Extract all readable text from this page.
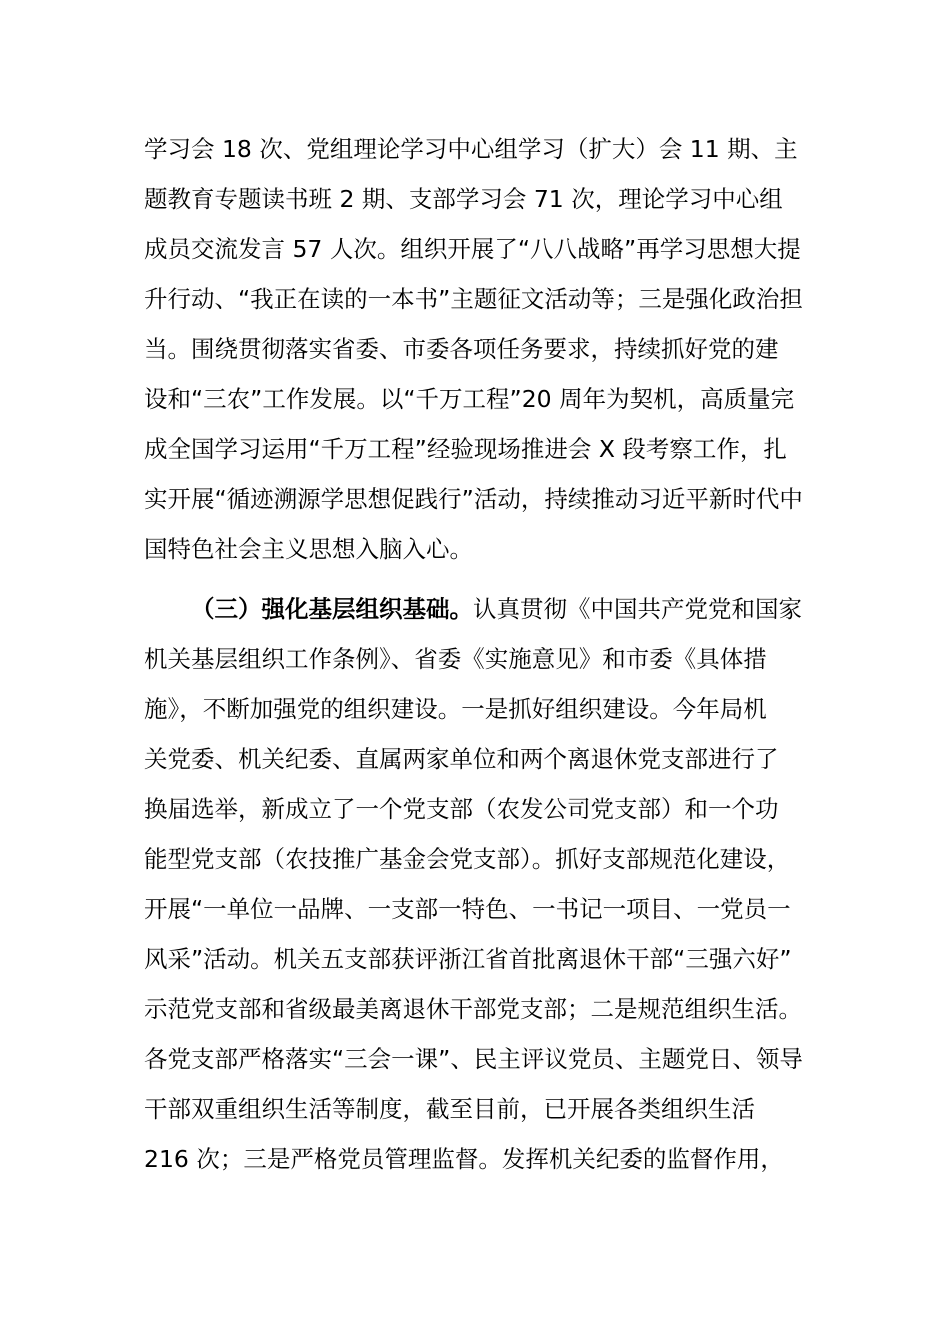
学习会 18 次、党组理论学习中心组学习（扩大）会 11 期、主
题教育专题读书班 2 期、支部学习会 71 次，理论学习中心组
成员交流发言 57 人次。组织开展了“八八战略”再学习思想大提
升行动、“我正在读的一本书”主题征文活动等；三是强化政治担
当。围绕贯彻落实省委、市委各项任务要求，持续抓好党的建
设和“三农”工作发展。以“千万工程”20 周年为契机，高质量完
成全国学习运用“千万工程”经验现场推进会 X 段考察工作，扎
实开展“循迹溯源学思想促践行”活动，持续推动习近平新时代中
国特色社会主义思想入脑入心。
（三）强化基层组织基础。认真贯彻《中国共产党党和国家
机关基层组织工作条例》、省委《实施意见》和市委《具体措
施》，不断加强党的组织建设。一是抓好组织建设。今年局机
关党委、机关纪委、直属两家单位和两个离退休党支部进行了
换届选举，新成立了一个党支部（农发公司党支部）和一个功
能型党支部（农技推广基金会党支部）。抓好支部规范化建设，
开展“一单位一品牌、一支部一特色、一书记一项目、一党员一
风采”活动。机关五支部获评浙江省首批离退休干部“三强六好”
示范党支部和省级最美离退休干部党支部；二是规范组织生活。
各党支部严格落实“三会一课”、民主评议党员、主题党日、领导
干部双重组织生活等制度，截至目前，已开展各类组织生活
216 次；三是严格党员管理监督。发挥机关纪委的监督作用，
